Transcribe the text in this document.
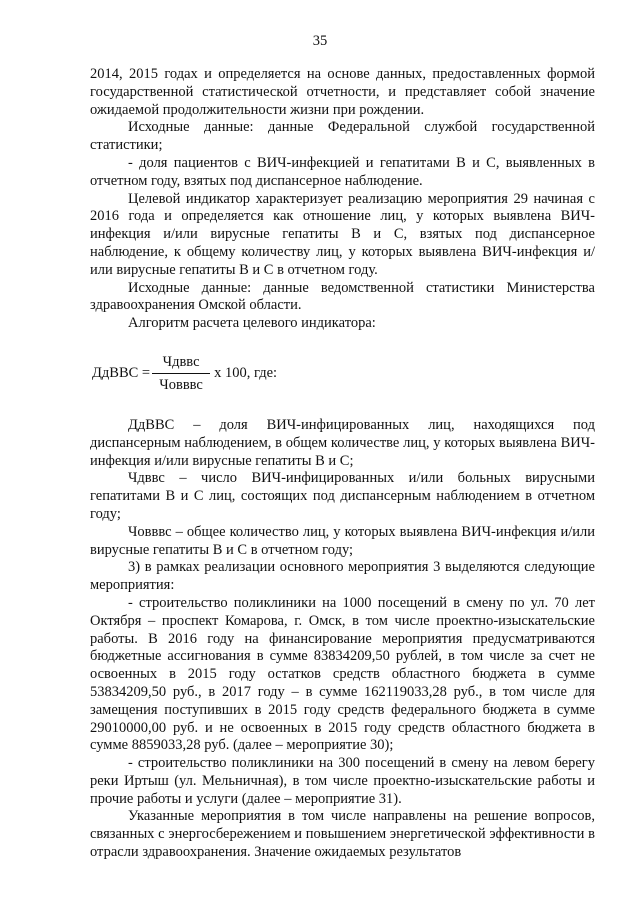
35

2014, 2015 годах и определяется на основе данных, предоставленных формой государственной статистической отчетности, и представляет собой значение ожидаемой продолжительности жизни при рождении.

Исходные данные: данные Федеральной службой государственной статистики;

- доля пациентов с ВИЧ-инфекцией и гепатитами В и С, выявленных в отчетном году, взятых под диспансерное наблюдение.

Целевой индикатор характеризует реализацию мероприятия 29 начиная с 2016 года и определяется как отношение лиц, у которых выявлена ВИЧ-инфекция и/или вирусные гепатиты В и С, взятых под диспансерное наблюдение, к общему количеству лиц, у которых выявлена ВИЧ-инфекция и/или вирусные гепатиты В и С в отчетном году.

Исходные данные: данные ведомственной статистики Министерства здравоохранения Омской области.

Алгоритм расчета целевого индикатора:

ДдВВС = $\frac{\text{Чдввс}}{\text{Човввс}}$ х 100, где:

ДдВВС – доля ВИЧ-инфицированных лиц, находящихся под диспансерным наблюдением, в общем количестве лиц, у которых выявлена ВИЧ-инфекция и/или вирусные гепатиты В и С;

Чдввс – число ВИЧ-инфицированных и/или больных вирусными гепатитами В и С лиц, состоящих под диспансерным наблюдением в отчетном году;

Човввс – общее количество лиц, у которых выявлена ВИЧ-инфекция и/или вирусные гепатиты В и С в отчетном году;

3) в рамках реализации основного мероприятия 3 выделяются следующие мероприятия:

- строительство поликлиники на 1000 посещений в смену по ул. 70 лет Октября – проспект Комарова, г. Омск, в том числе проектно-изыскательские работы. В 2016 году на финансирование мероприятия предусматриваются бюджетные ассигнования в сумме 83834209,50 рублей, в том числе за счет не освоенных в 2015 году остатков средств областного бюджета в сумме 53834209,50 руб., в 2017 году – в сумме 162119033,28 руб., в том числе для замещения поступивших в 2015 году средств федерального бюджета в сумме 29010000,00 руб. и не освоенных в 2015 году средств областного бюджета в сумме 8859033,28 руб. (далее – мероприятие 30);

- строительство поликлиники на 300 посещений в смену на левом берегу реки Иртыш (ул. Мельничная), в том числе проектно-изыскательские работы и прочие работы и услуги (далее – мероприятие 31).

Указанные мероприятия в том числе направлены на решение вопросов, связанных с энергосбережением и повышением энергетической эффективности в отрасли здравоохранения. Значение ожидаемых результатов
